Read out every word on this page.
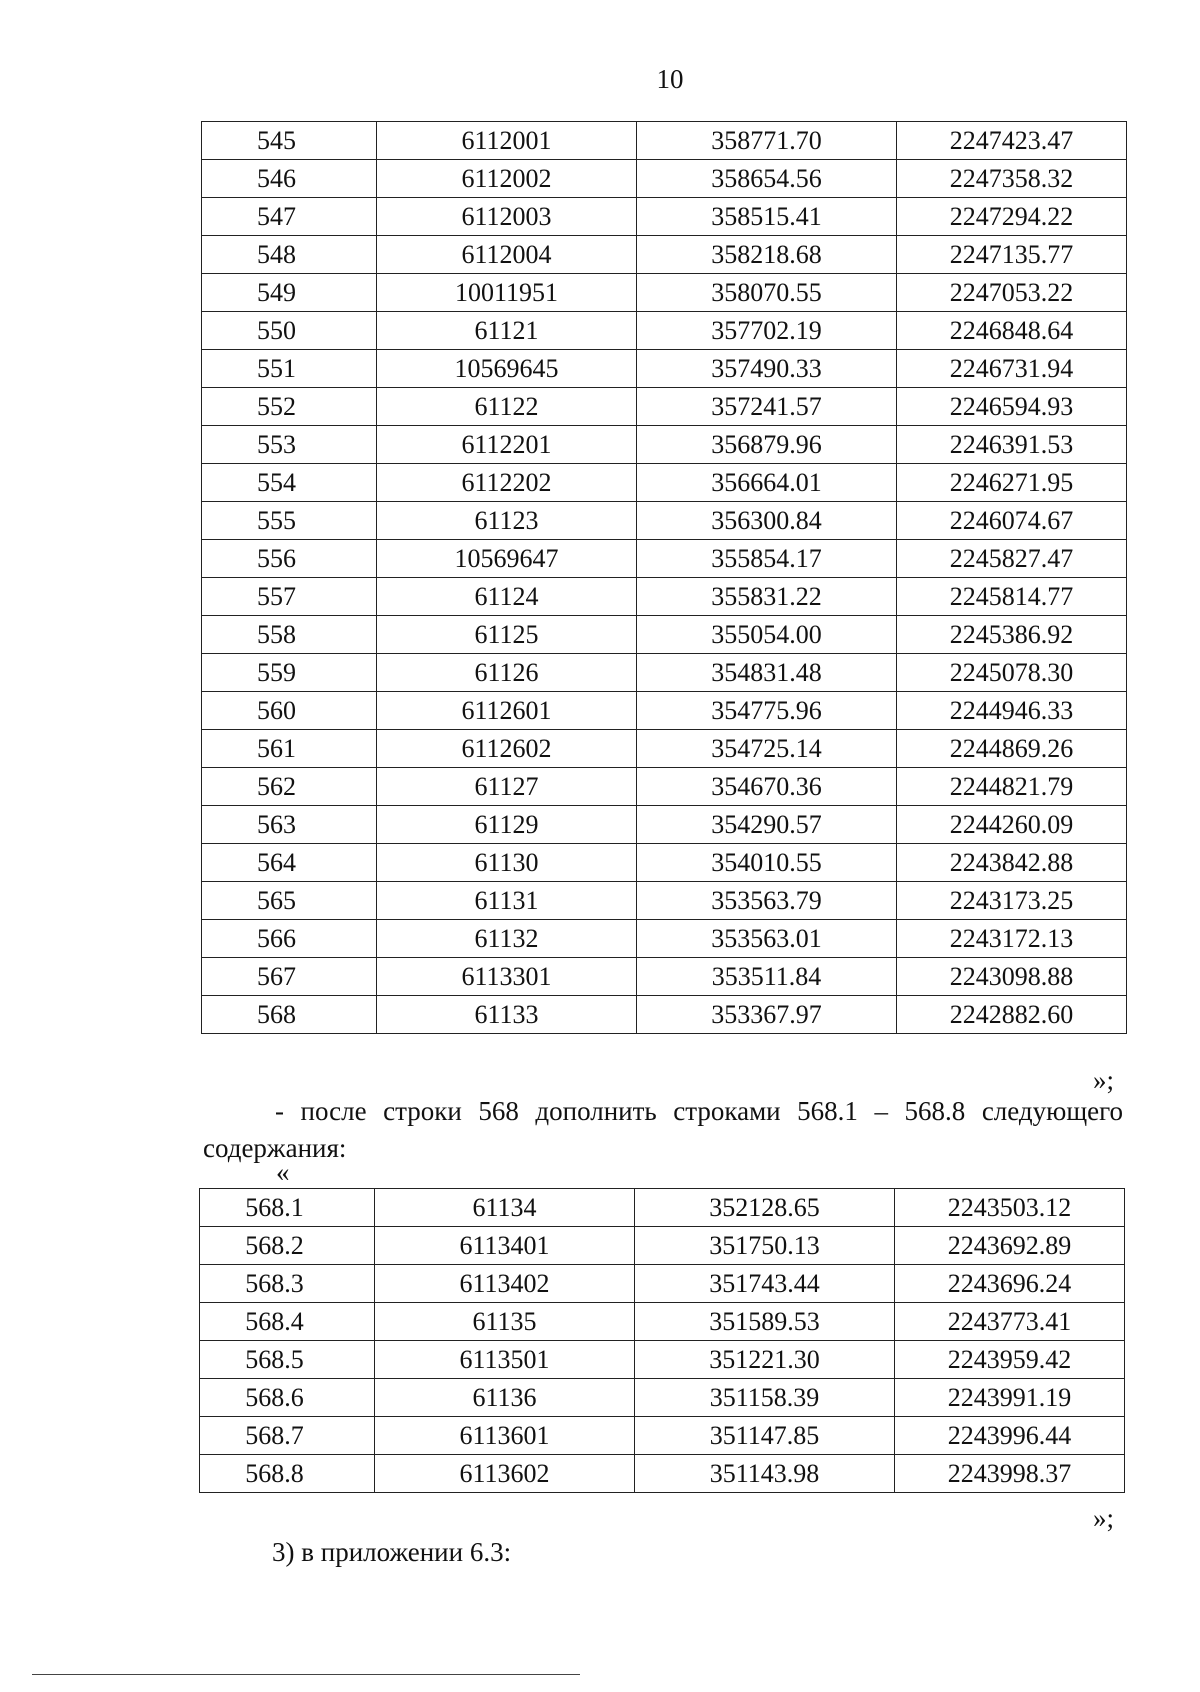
10
545	6112001	358771.70	2247423.47
546	6112002	358654.56	2247358.32
547	6112003	358515.41	2247294.22
548	6112004	358218.68	2247135.77
549	10011951	358070.55	2247053.22
550	61121	357702.19	2246848.64
551	10569645	357490.33	2246731.94
552	61122	357241.57	2246594.93
553	6112201	356879.96	2246391.53
554	6112202	356664.01	2246271.95
555	61123	356300.84	2246074.67
556	10569647	355854.17	2245827.47
557	61124	355831.22	2245814.77
558	61125	355054.00	2245386.92
559	61126	354831.48	2245078.30
560	6112601	354775.96	2244946.33
561	6112602	354725.14	2244869.26
562	61127	354670.36	2244821.79
563	61129	354290.57	2244260.09
564	61130	354010.55	2243842.88
565	61131	353563.79	2243173.25
566	61132	353563.01	2243172.13
567	6113301	353511.84	2243098.88
568	61133	353367.97	2242882.60
»;
- после строки 568 дополнить строками 568.1 – 568.8 следующего содержания:
«
568.1	61134	352128.65	2243503.12
568.2	6113401	351750.13	2243692.89
568.3	6113402	351743.44	2243696.24
568.4	61135	351589.53	2243773.41
568.5	6113501	351221.30	2243959.42
568.6	61136	351158.39	2243991.19
568.7	6113601	351147.85	2243996.44
568.8	6113602	351143.98	2243998.37
»;
3) в приложении 6.3:
